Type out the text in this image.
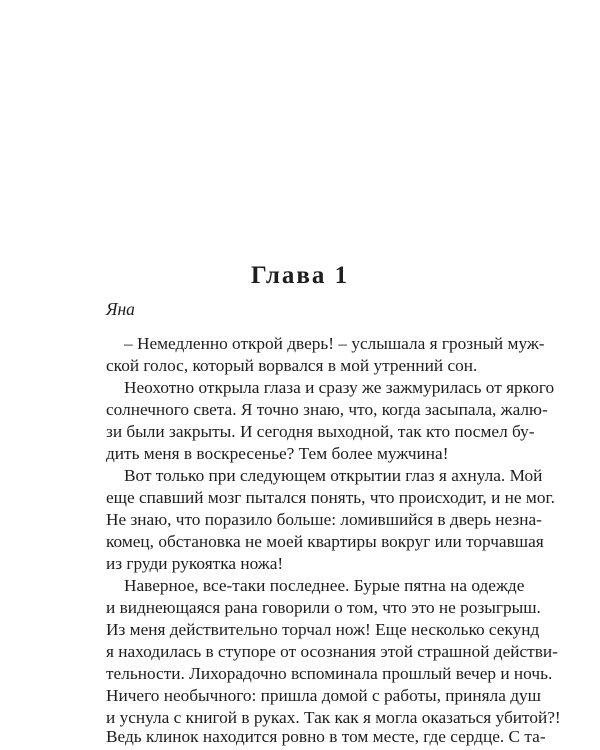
Глава 1

Яна

– Немедленно открой дверь! – услышала я грозный муж-
ской голос, который ворвался в мой утренний сон.
Неохотно открыла глаза и сразу же зажмурилась от яркого
солнечного света. Я точно знаю, что, когда засыпала, жалю-
зи были закрыты. И сегодня выходной, так кто посмел бу-
дить меня в воскресенье? Тем более мужчина!
Вот только при следующем открытии глаз я ахнула. Мой
еще спавший мозг пытался понять, что происходит, и не мог.
Не знаю, что поразило больше: ломившийся в дверь незна-
комец, обстановка не моей квартиры вокруг или торчавшая
из груди рукоятка ножа!
Наверное, все-таки последнее. Бурые пятна на одежде
и виднеющаяся рана говорили о том, что это не розыгрыш.
Из меня действительно торчал нож! Еще несколько секунд
я находилась в ступоре от осознания этой страшной действи-
тельности. Лихорадочно вспоминала прошлый вечер и ночь.
Ничего необычного: пришла домой с работы, приняла душ
и уснула с книгой в руках. Так как я могла оказаться убитой?!
Ведь клинок находится ровно в том месте, где сердце. С та-
